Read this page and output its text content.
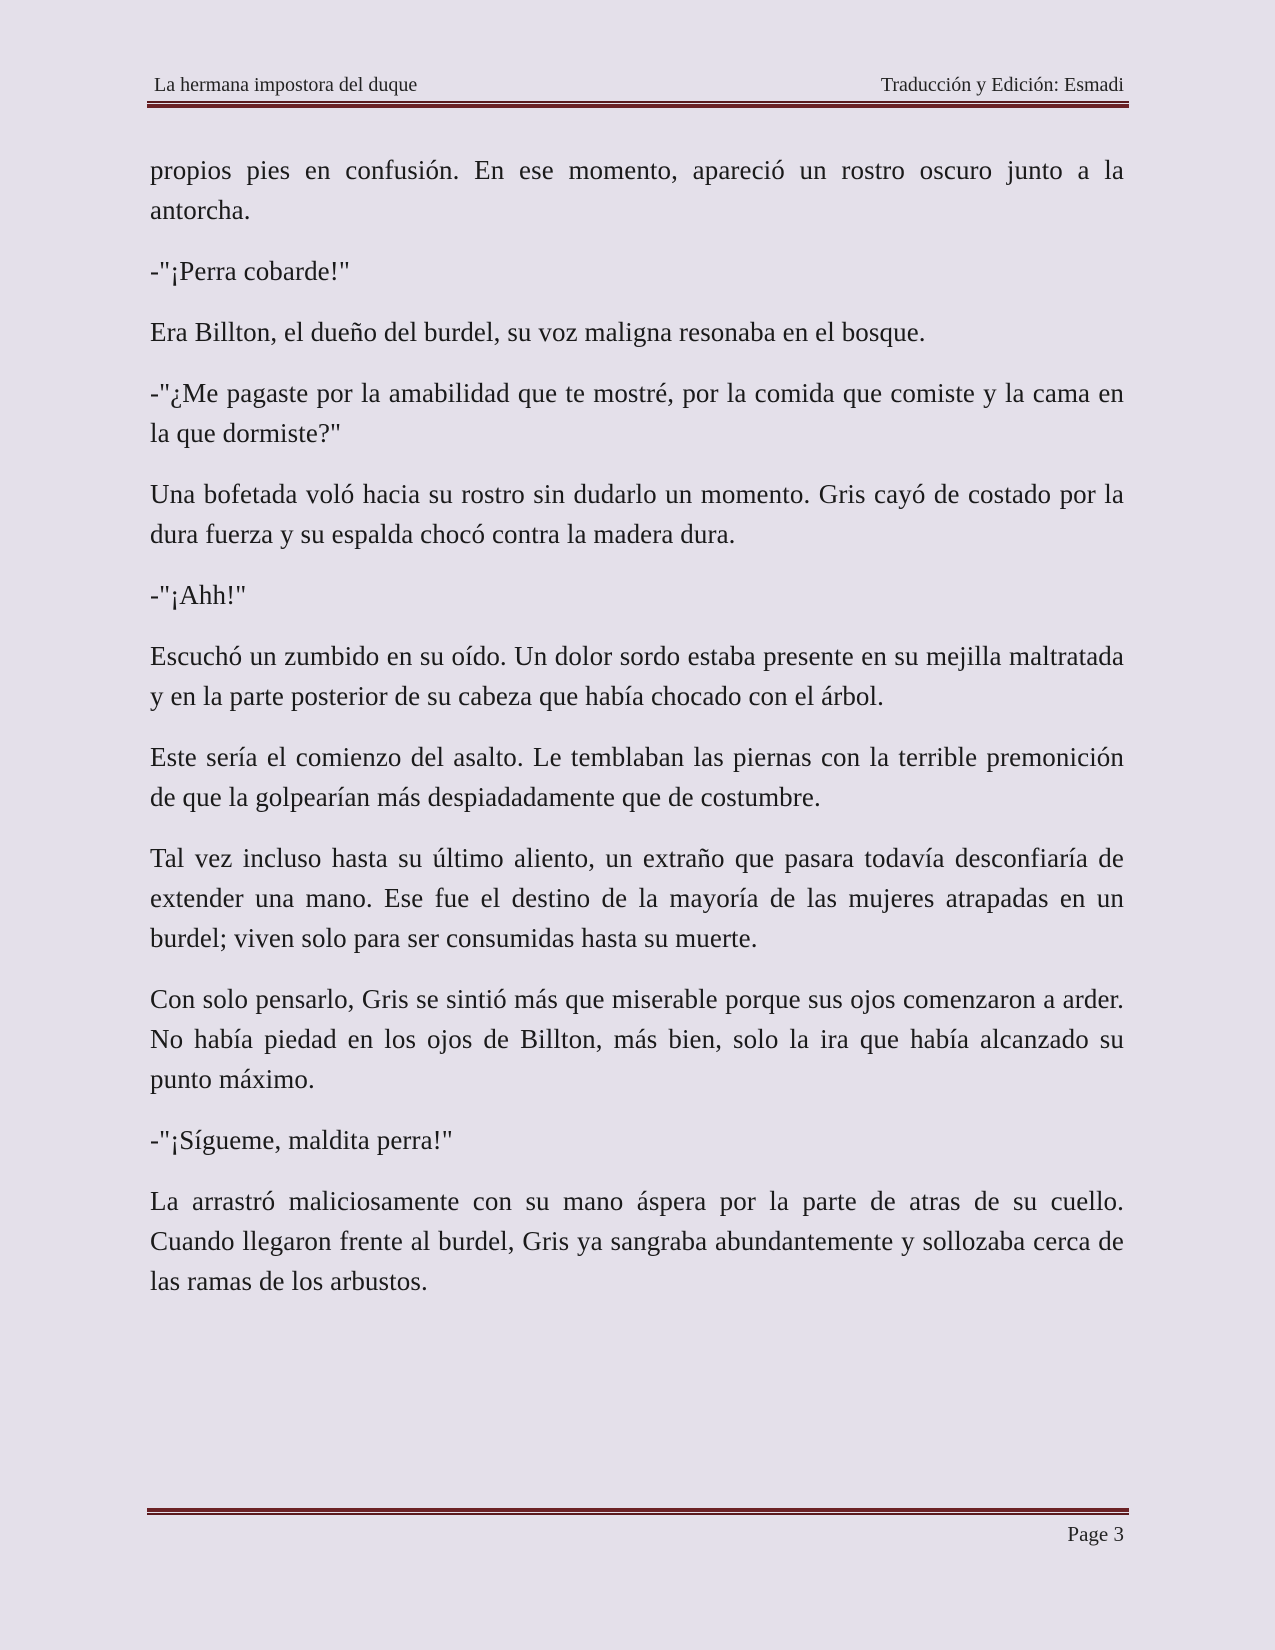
La hermana impostora del duque	Traducción y Edición: Esmadi

propios pies en confusión. En ese momento, apareció un rostro oscuro junto a la antorcha.

-"¡Perra cobarde!"

Era Billton, el dueño del burdel, su voz maligna resonaba en el bosque.

-"¿Me pagaste por la amabilidad que te mostré, por la comida que comiste y la cama en la que dormiste?"

Una bofetada voló hacia su rostro sin dudarlo un momento. Gris cayó de costado por la dura fuerza y su espalda chocó contra la madera dura.

-"¡Ahh!"

Escuchó un zumbido en su oído. Un dolor sordo estaba presente en su mejilla maltratada y en la parte posterior de su cabeza que había chocado con el árbol.

Este sería el comienzo del asalto. Le temblaban las piernas con la terrible premonición de que la golpearían más despiadadamente que de costumbre.

Tal vez incluso hasta su último aliento, un extraño que pasara todavía desconfiaría de extender una mano. Ese fue el destino de la mayoría de las mujeres atrapadas en un burdel; viven solo para ser consumidas hasta su muerte.

Con solo pensarlo, Gris se sintió más que miserable porque sus ojos comenzaron a arder. No había piedad en los ojos de Billton, más bien, solo la ira que había alcanzado su punto máximo.

-"¡Sígueme, maldita perra!"

La arrastró maliciosamente con su mano áspera por la parte de atras de su cuello. Cuando llegaron frente al burdel, Gris ya sangraba abundantemente y sollozaba cerca de las ramas de los arbustos.

Page 3
